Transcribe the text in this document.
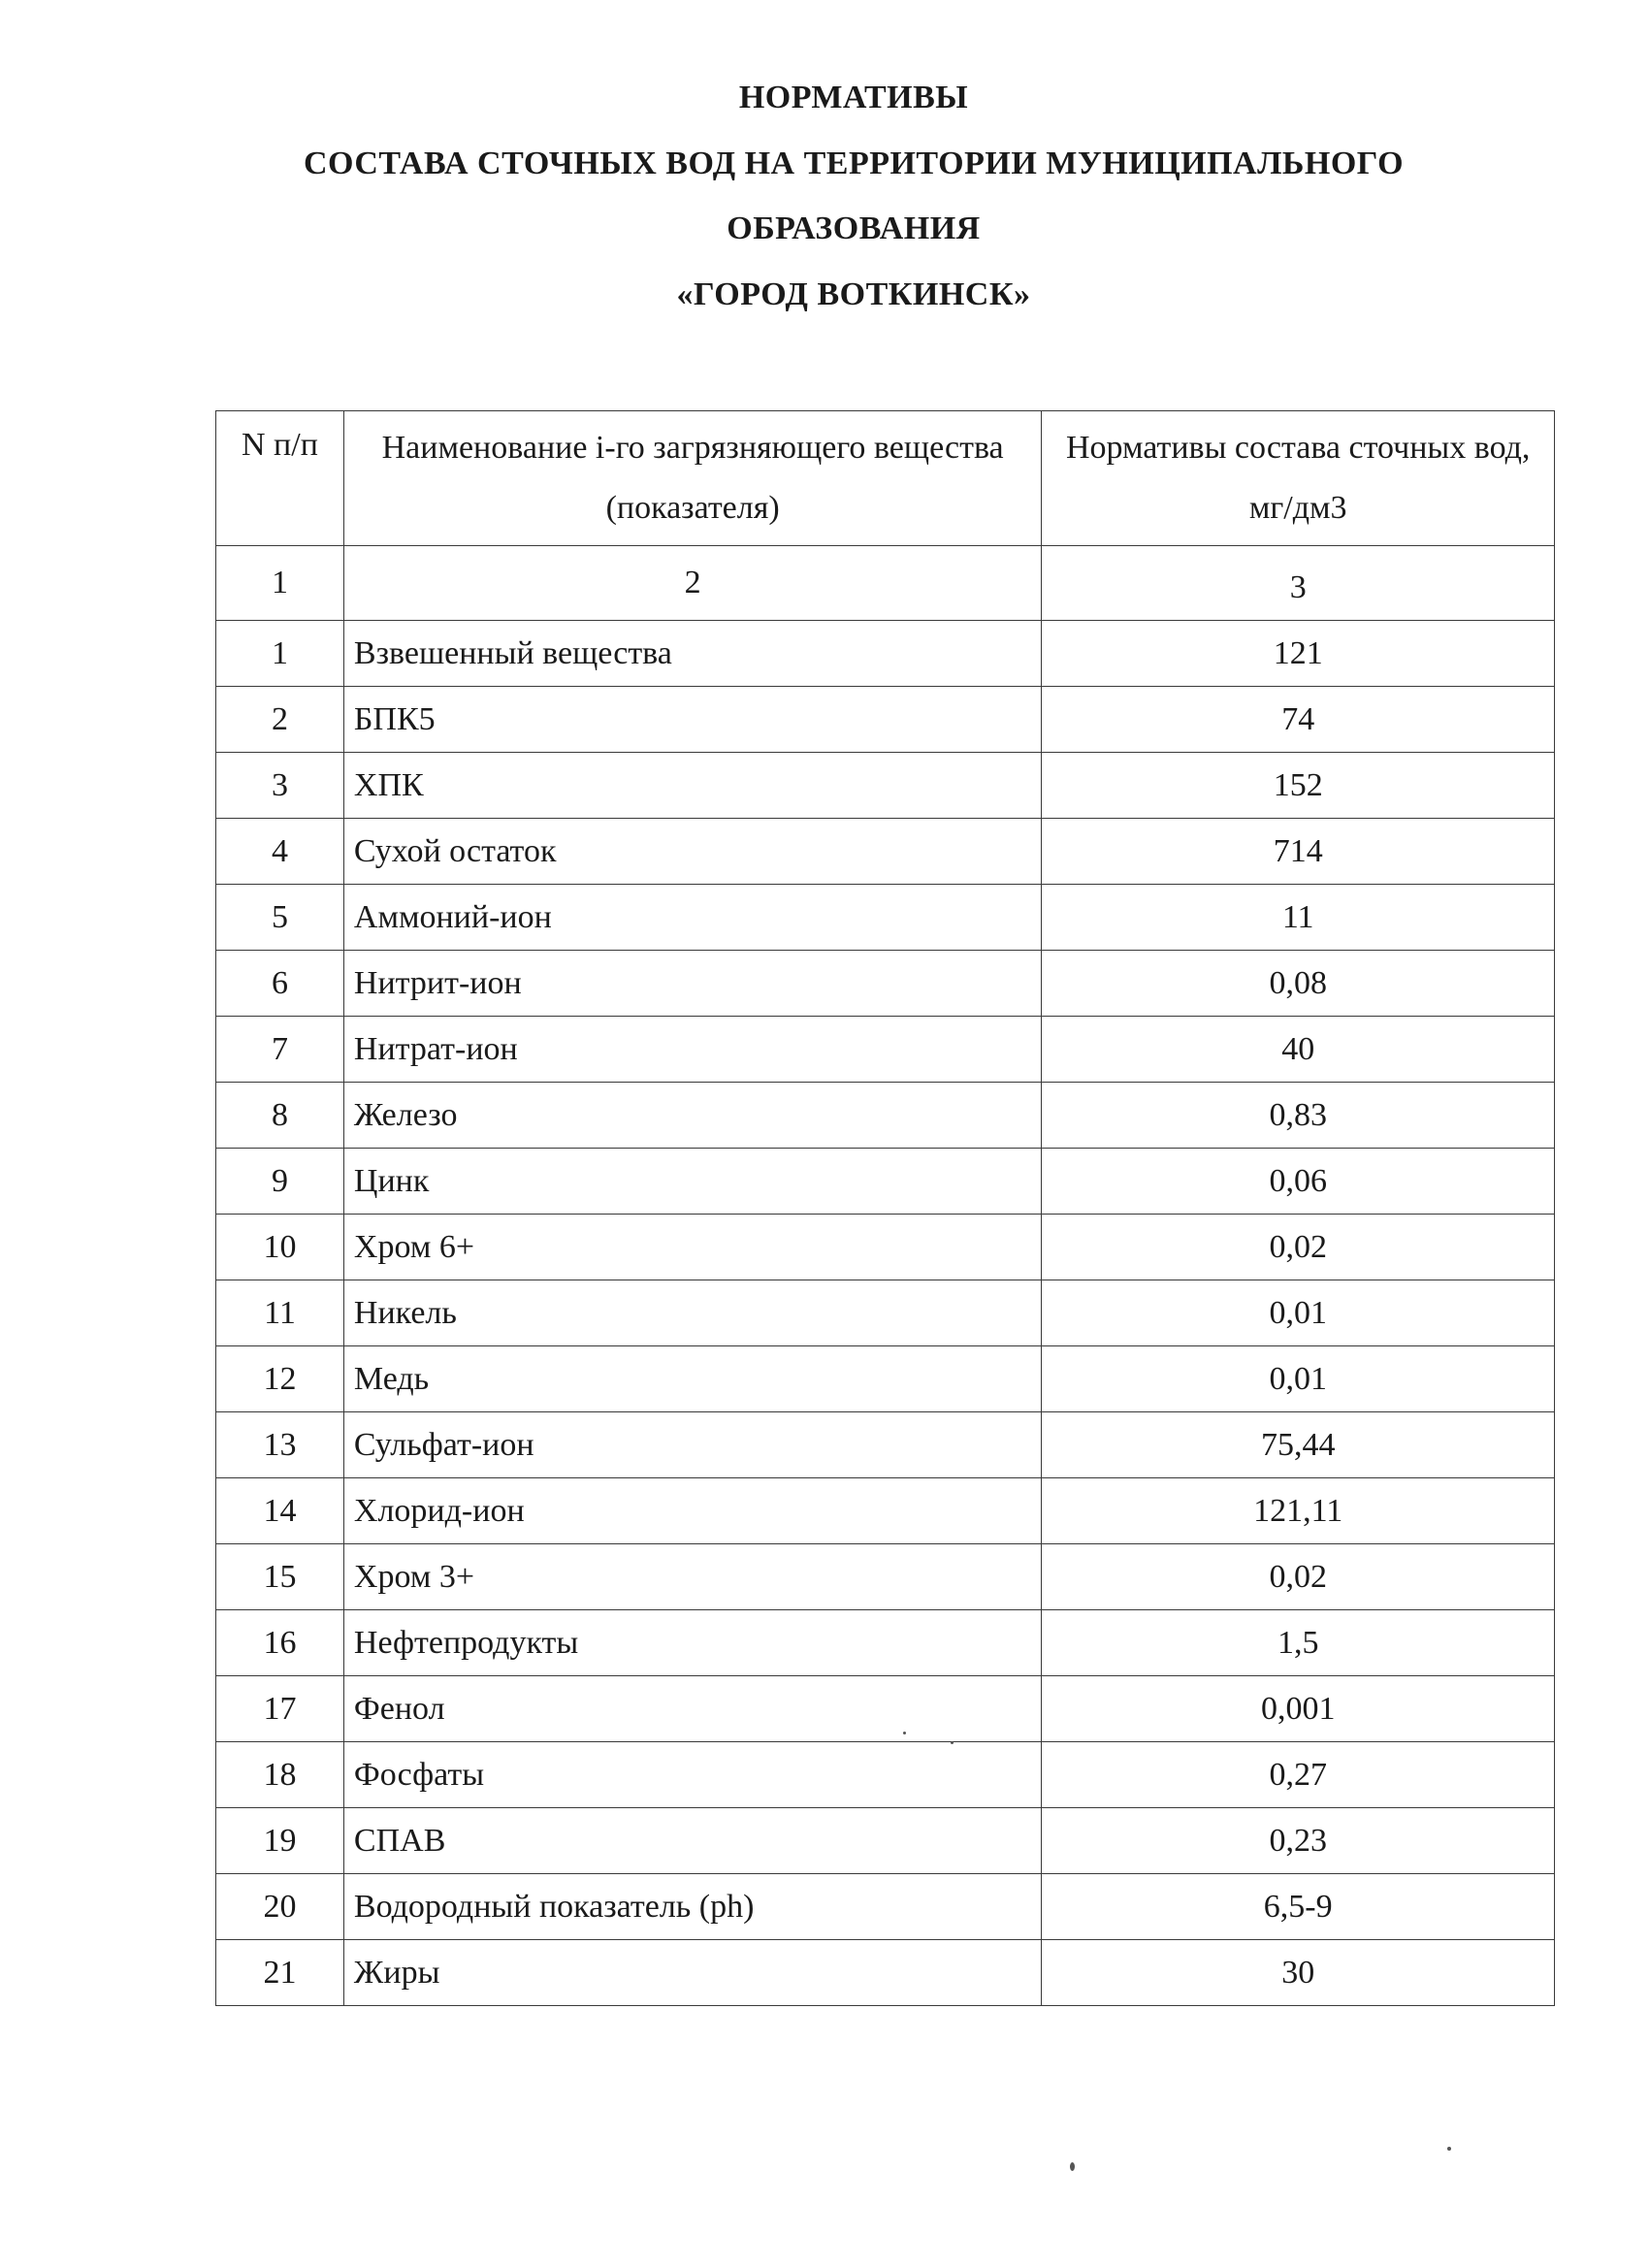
НОРМАТИВЫ
СОСТАВА СТОЧНЫХ ВОД НА ТЕРРИТОРИИ МУНИЦИПАЛЬНОГО
ОБРАЗОВАНИЯ
«ГОРОД ВОТКИНСК»
N п/п	Наименование i-го загрязняющего вещества (показателя)	Нормативы состава сточных вод, мг/дм3
1	2	3
1	Взвешенный вещества	121
2	БПК5	74
3	ХПК	152
4	Сухой остаток	714
5	Аммоний-ион	11
6	Нитрит-ион	0,08
7	Нитрат-ион	40
8	Железо	0,83
9	Цинк	0,06
10	Хром 6+	0,02
11	Никель	0,01
12	Медь	0,01
13	Сульфат-ион	75,44
14	Хлорид-ион	121,11
15	Хром 3+	0,02
16	Нефтепродукты	1,5
17	Фенол	0,001
18	Фосфаты	0,27
19	СПАВ	0,23
20	Водородный показатель (ph)	6,5-9
21	Жиры	30
